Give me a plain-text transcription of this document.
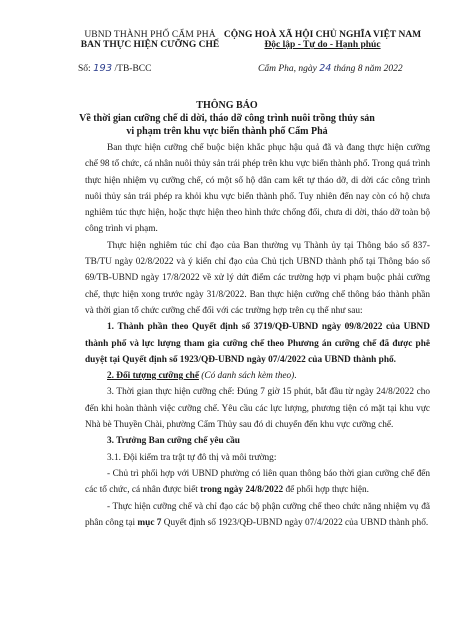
UBND THÀNH PHỐ CẨM PHẢ
BAN THỰC HIỆN CƯỠNG CHẾ
CỘNG HOÀ XÃ HỘI CHỦ NGHĨA VIỆT NAM
Độc lập - Tự do - Hạnh phúc
Số: 193 /TB-BCC	Cẩm Pha, ngày 24 tháng 8 năm 2022
THÔNG BÁO
Về thời gian cưỡng chế di dời, tháo dỡ công trình nuôi trồng thủy sản
vi phạm trên khu vực biển thành phố Cẩm Phả

Ban thực hiện cưỡng chế buộc biện khắc phục hậu quả đã và đang thực hiện cưỡng chế 98 tổ chức, cá nhân nuôi thủy sản trái phép trên khu vực biển thành phố. Trong quá trình thực hiện nhiệm vụ cưỡng chế, có một số hộ dân cam kết tự tháo dỡ, di dời các công trình nuôi thủy sản trái phép ra khỏi khu vực biển thành phố. Tuy nhiên đến nay còn có hộ chưa nghiêm túc thực hiện, hoặc thực hiện theo hình thức chống đối, chưa di dời, tháo dỡ toàn bộ công trình vi phạm.

Thực hiện nghiêm túc chỉ đạo của Ban thường vụ Thành ủy tại Thông báo số 837-TB/TU ngày 02/8/2022 và ý kiến chỉ đạo của Chủ tịch UBND thành phố tại Thông báo số 69/TB-UBND ngày 17/8/2022 về xử lý dứt điểm các trường hợp vi phạm buộc phải cưỡng chế, thực hiện xong trước ngày 31/8/2022. Ban thực hiện cưỡng chế thông báo thành phần và thời gian tổ chức cưỡng chế đối với các trường hợp trên cụ thể như sau:

1. Thành phần theo Quyết định số 3719/QĐ-UBND ngày 09/8/2022 của UBND thành phố và lực lượng tham gia cưỡng chế theo Phương án cưỡng chế đã được phê duyệt tại Quyết định số 1923/QĐ-UBND ngày 07/4/2022 của UBND thành phố.

2. Đối tượng cưỡng chế (Có danh sách kèm theo).

3. Thời gian thực hiện cưỡng chế: Đúng 7 giờ 15 phút, bắt đầu từ ngày 24/8/2022 cho đến khi hoàn thành việc cưỡng chế. Yêu cầu các lực lượng, phương tiện có mặt tại khu vực Nhà bè Thuyền Chài, phường Cẩm Thủy sau đó di chuyển đến khu vực cưỡng chế.

3. Trưởng Ban cưỡng chế yêu cầu

3.1. Đội kiểm tra trật tự đô thị và môi trường:

- Chủ trì phối hợp với UBND phường có liên quan thông báo thời gian cưỡng chế đến các tổ chức, cá nhân được biết trong ngày 24/8/2022 để phối hợp thực hiện.

- Thực hiện cưỡng chế và chỉ đạo các bộ phận cưỡng chế theo chức năng nhiệm vụ đã phân công tại mục 7 Quyết định số 1923/QĐ-UBND ngày 07/4/2022 của UBND thành phố.
